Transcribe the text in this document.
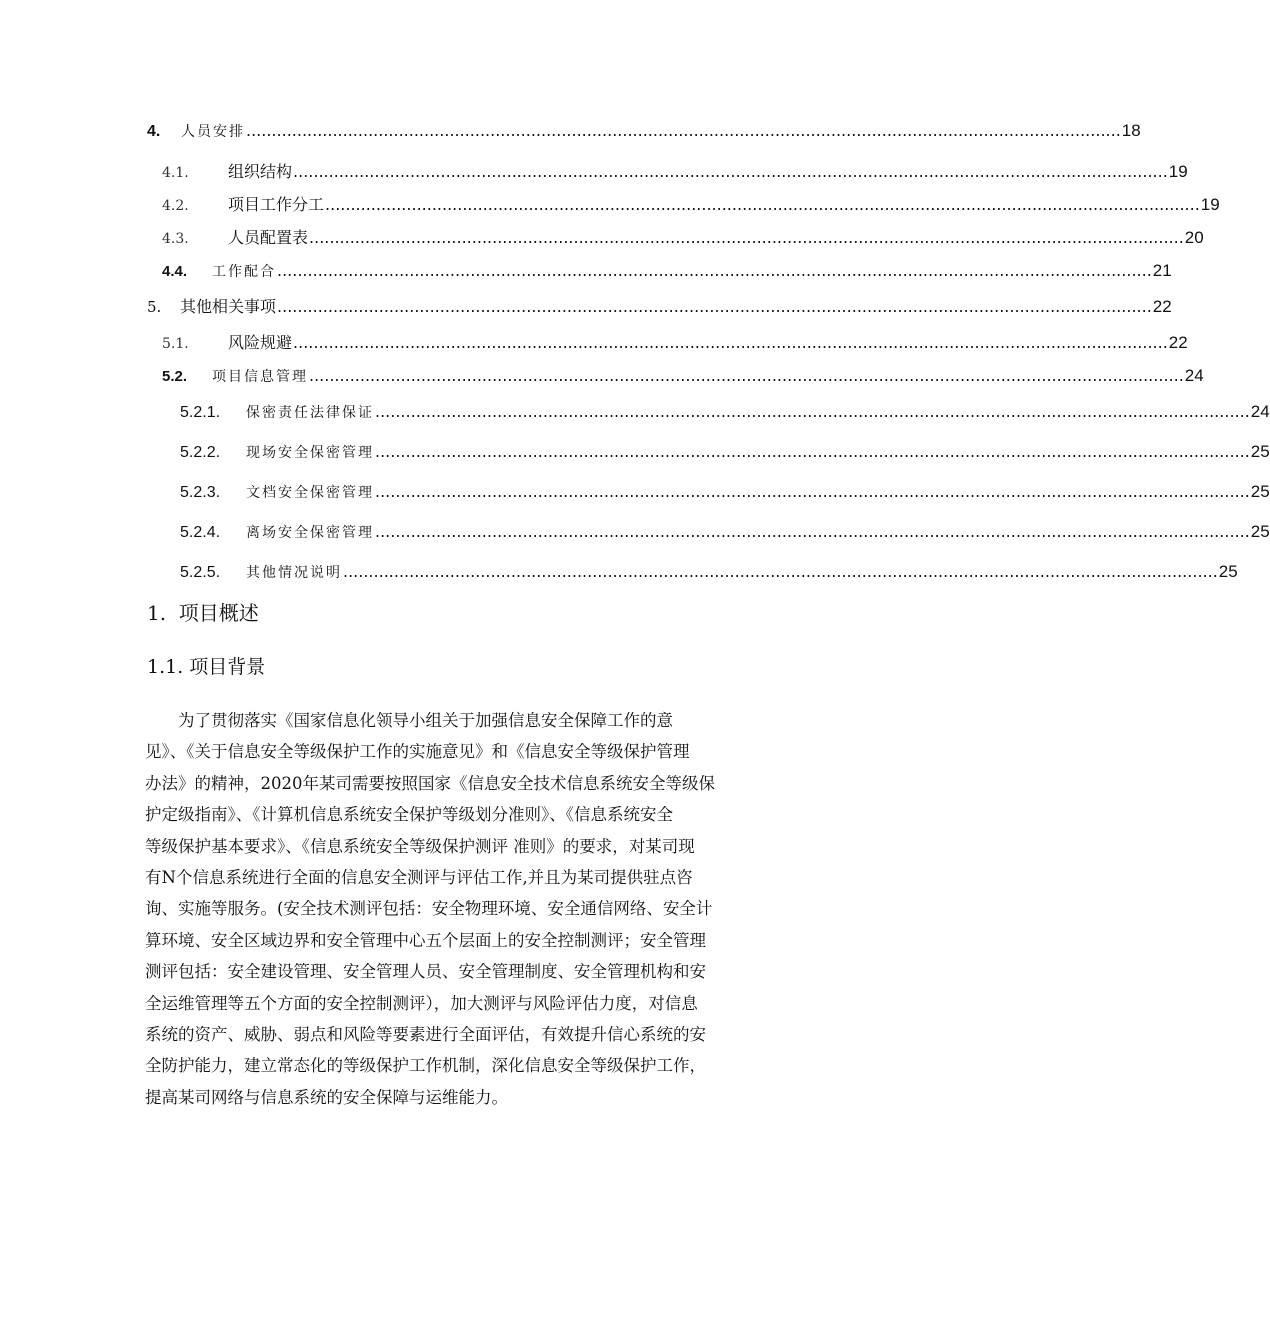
4.	人员安排 ............................................................................................................................................................................ 18
4.1.	组织结构 ............................................................................................................................................................................ 19
4.2.	项目工作分工 ............................................................................................................................................................................ 19
4.3.	人员配置表 ............................................................................................................................................................................ 20
4.4.	工作配合 ............................................................................................................................................................................ 21
5.	其他相关事项 ............................................................................................................................................................................ 22
5.1.	风险规避 ............................................................................................................................................................................ 22
5.2.	项目信息管理 ............................................................................................................................................................................ 24
5.2.1.	保密责任法律保证 ............................................................................................................................................................................ 24
5.2.2.	现场安全保密管理 ............................................................................................................................................................................ 25
5.2.3.	文档安全保密管理 ............................................................................................................................................................................ 25
5.2.4.	离场安全保密管理 ............................................................................................................................................................................ 25
5.2.5.	其他情况说明 ............................................................................................................................................................................ 25
1.  项目概述
1.1. 项目背景
为了贯彻落实《国家信息化领导小组关于加强信息安全保障工作的意
见》、《关于信息安全等级保护工作的实施意见》和《信息安全等级保护管理
办法》的精神，2020年某司需要按照国家《信息安全技术信息系统安全等级保
护定级指南》、《计算机信息系统安全保护等级划分准则》、《信息系统安全
等级保护基本要求》、《信息系统安全等级保护测评 准则》的要求，对某司现
有N个信息系统进行全面的信息安全测评与评估工作,并且为某司提供驻点咨
询、实施等服务。(安全技术测评包括：安全物理环境、安全通信网络、安全计
算环境、安全区域边界和安全管理中心五个层面上的安全控制测评；安全管理
测评包括：安全建设管理、安全管理人员、安全管理制度、安全管理机构和安
全运维管理等五个方面的安全控制测评），加大测评与风险评估力度，对信息
系统的资产、威胁、弱点和风险等要素进行全面评估，有效提升信心系统的安
全防护能力，建立常态化的等级保护工作机制，深化信息安全等级保护工作，
提高某司网络与信息系统的安全保障与运维能力。
